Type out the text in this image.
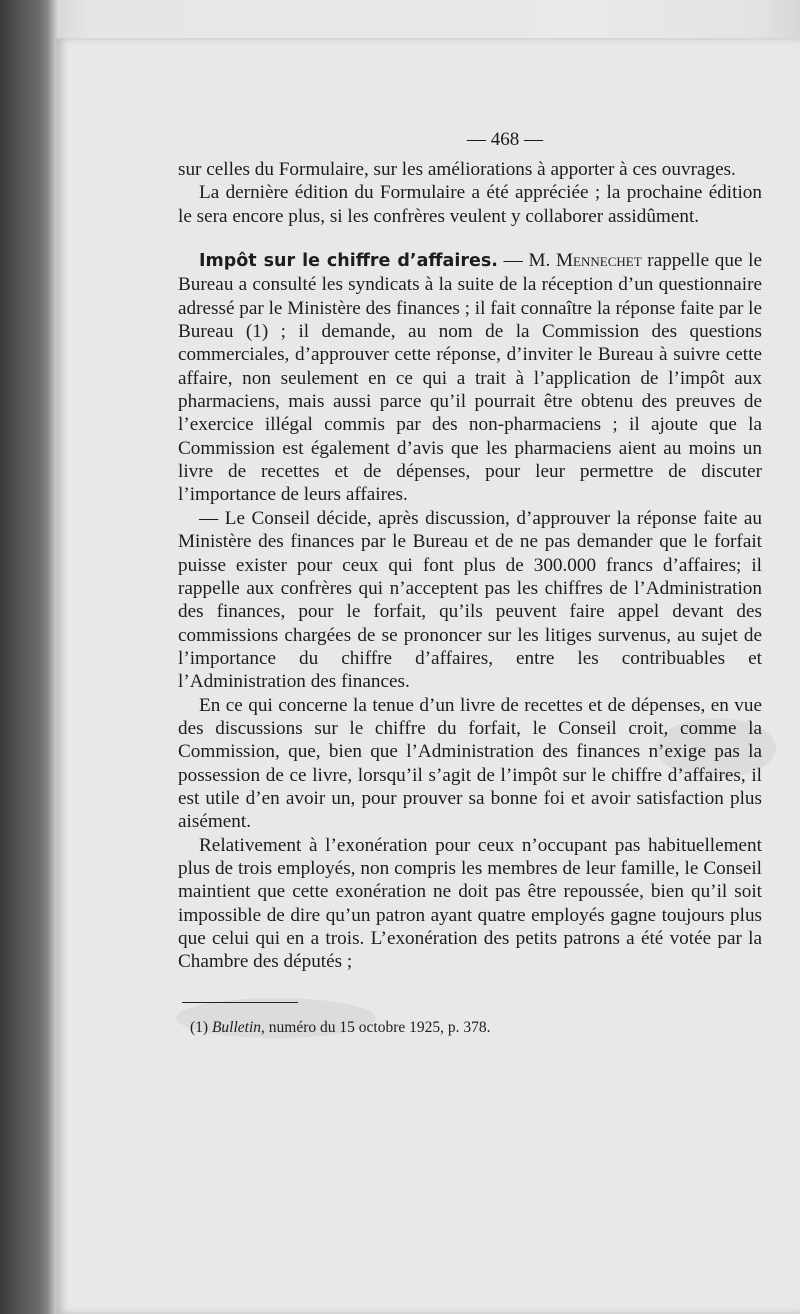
— 468 —

sur celles du Formulaire, sur les améliorations à apporter à ces ouvrages.

La dernière édition du Formulaire a été appréciée ; la prochaine édition le sera encore plus, si les confrères veulent y collaborer assidûment.

Impôt sur le chiffre d’affaires. — M. Mennechet rappelle que le Bureau a consulté les syndicats à la suite de la réception d’un questionnaire adressé par le Ministère des finances ; il fait connaître la réponse faite par le Bureau (1) ; il demande, au nom de la Commission des questions commerciales, d’approuver cette réponse, d’inviter le Bureau à suivre cette affaire, non seulement en ce qui a trait à l’application de l’impôt aux pharmaciens, mais aussi parce qu’il pourrait être obtenu des preuves de l’exercice illégal commis par des non-pharmaciens ; il ajoute que la Commission est également d’avis que les pharmaciens aient au moins un livre de recettes et de dépenses, pour leur permettre de discuter l’importance de leurs affaires.

— Le Conseil décide, après discussion, d’approuver la réponse faite au Ministère des finances par le Bureau et de ne pas demander que le forfait puisse exister pour ceux qui font plus de 300.000 francs d’affaires; il rappelle aux confrères qui n’acceptent pas les chiffres de l’Administration des finances, pour le forfait, qu’ils peuvent faire appel devant des commissions chargées de se prononcer sur les litiges survenus, au sujet de l’importance du chiffre d’affaires, entre les contribuables et l’Administration des finances.

En ce qui concerne la tenue d’un livre de recettes et de dépenses, en vue des discussions sur le chiffre du forfait, le Conseil croit, comme la Commission, que, bien que l’Administration des finances n’exige pas la possession de ce livre, lorsqu’il s’agit de l’impôt sur le chiffre d’affaires, il est utile d’en avoir un, pour prouver sa bonne foi et avoir satisfaction plus aisément.

Relativement à l’exonération pour ceux n’occupant pas habituellement plus de trois employés, non compris les membres de leur famille, le Conseil maintient que cette exonération ne doit pas être repoussée, bien qu’il soit impossible de dire qu’un patron ayant quatre employés gagne toujours plus que celui qui en a trois. L’exonération des petits patrons a été votée par la Chambre des députés ;

(1) Bulletin, numéro du 15 octobre 1925, p. 378.
